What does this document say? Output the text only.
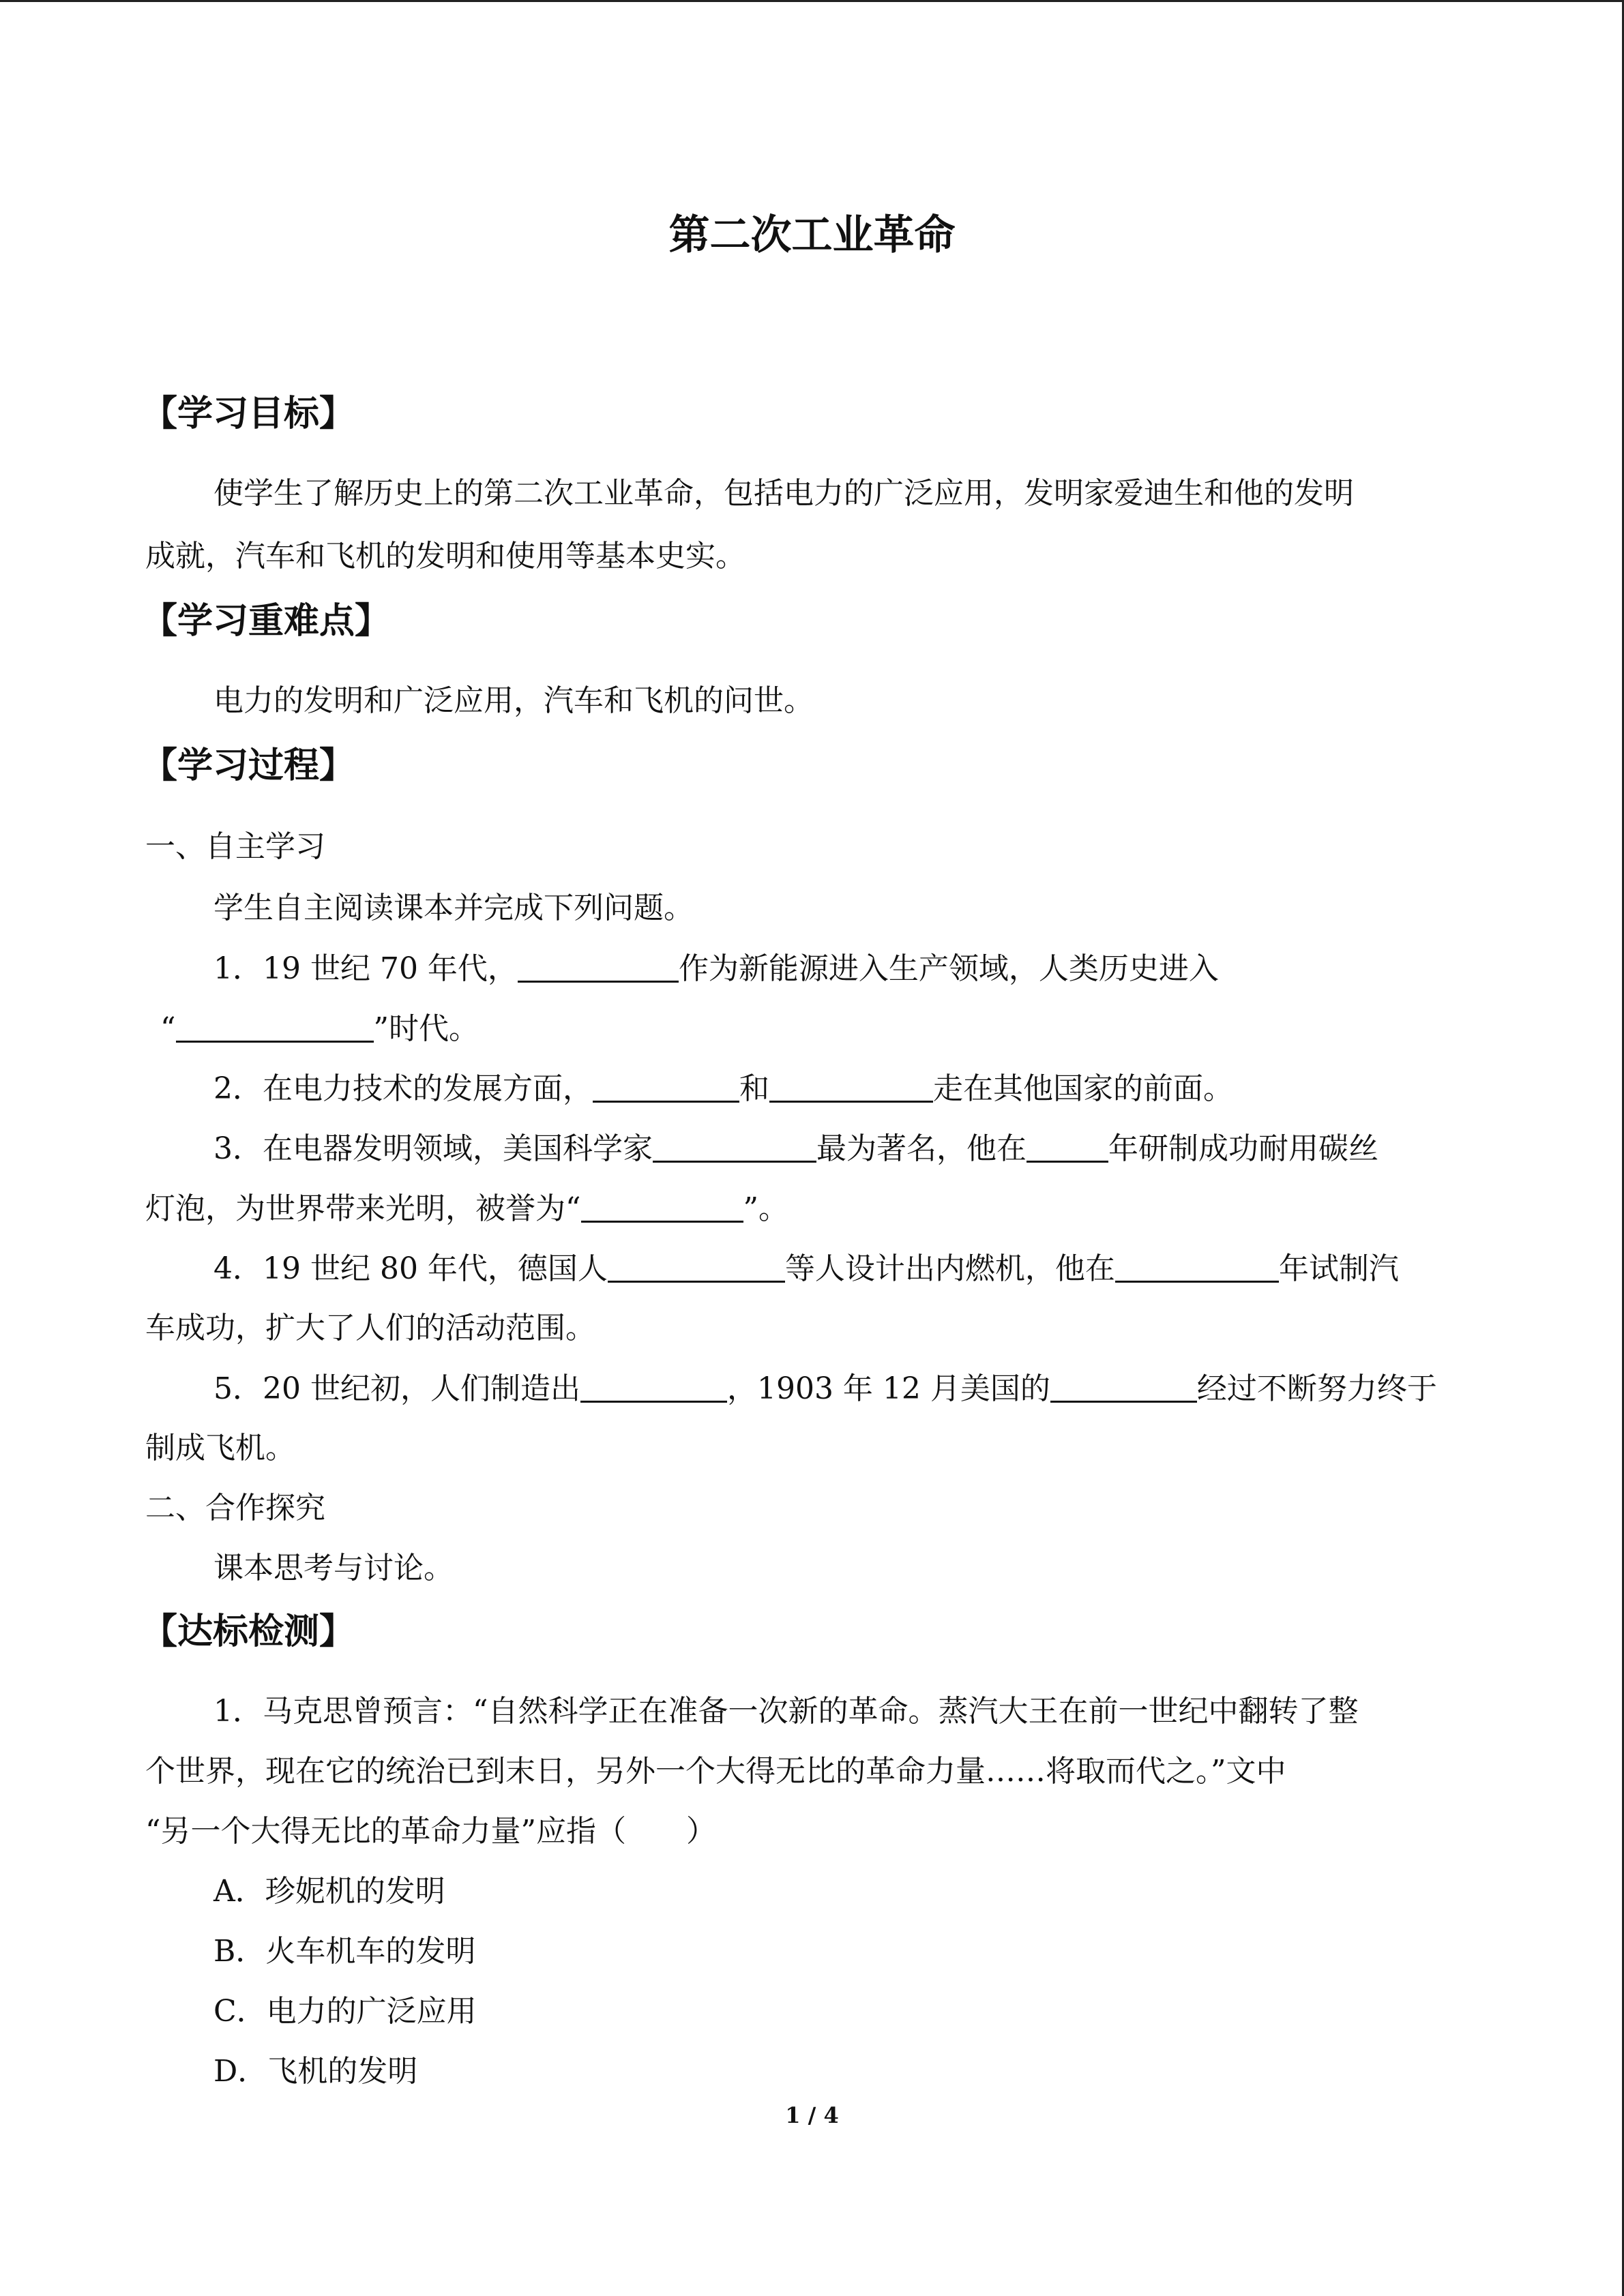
第二次工业革命
【学习目标】
使学生了解历史上的第二次工业革命，包括电力的广泛应用，发明家爱迪生和他的发明
成就，汽车和飞机的发明和使用等基本史实。
【学习重难点】
电力的发明和广泛应用，汽车和飞机的问世。
【学习过程】
一、自主学习
学生自主阅读课本并完成下列问题。
1．19 世纪 70 年代，	作为新能源进入生产领域，人类历史进入
“	”时代。
2．在电力技术的发展方面，	和	走在其他国家的前面。
3．在电器发明领域，美国科学家	最为著名，他在	年研制成功耐用碳丝
灯泡，为世界带来光明，被誉为“	”。
4．19 世纪 80 年代，德国人	等人设计出内燃机，他在	年试制汽
车成功，扩大了人们的活动范围。
5．20 世纪初，人们制造出	，1903 年 12 月美国的	经过不断努力终于
制成飞机。
二、合作探究
课本思考与讨论。
【达标检测】
1．马克思曾预言：“自然科学正在准备一次新的革命。蒸汽大王在前一世纪中翻转了整
个世界，现在它的统治已到末日，另外一个大得无比的革命力量……将取而代之。”文中
“另一个大得无比的革命力量”应指（　　）
A．珍妮机的发明
B．火车机车的发明
C．电力的广泛应用
D．飞机的发明
1 / 4
